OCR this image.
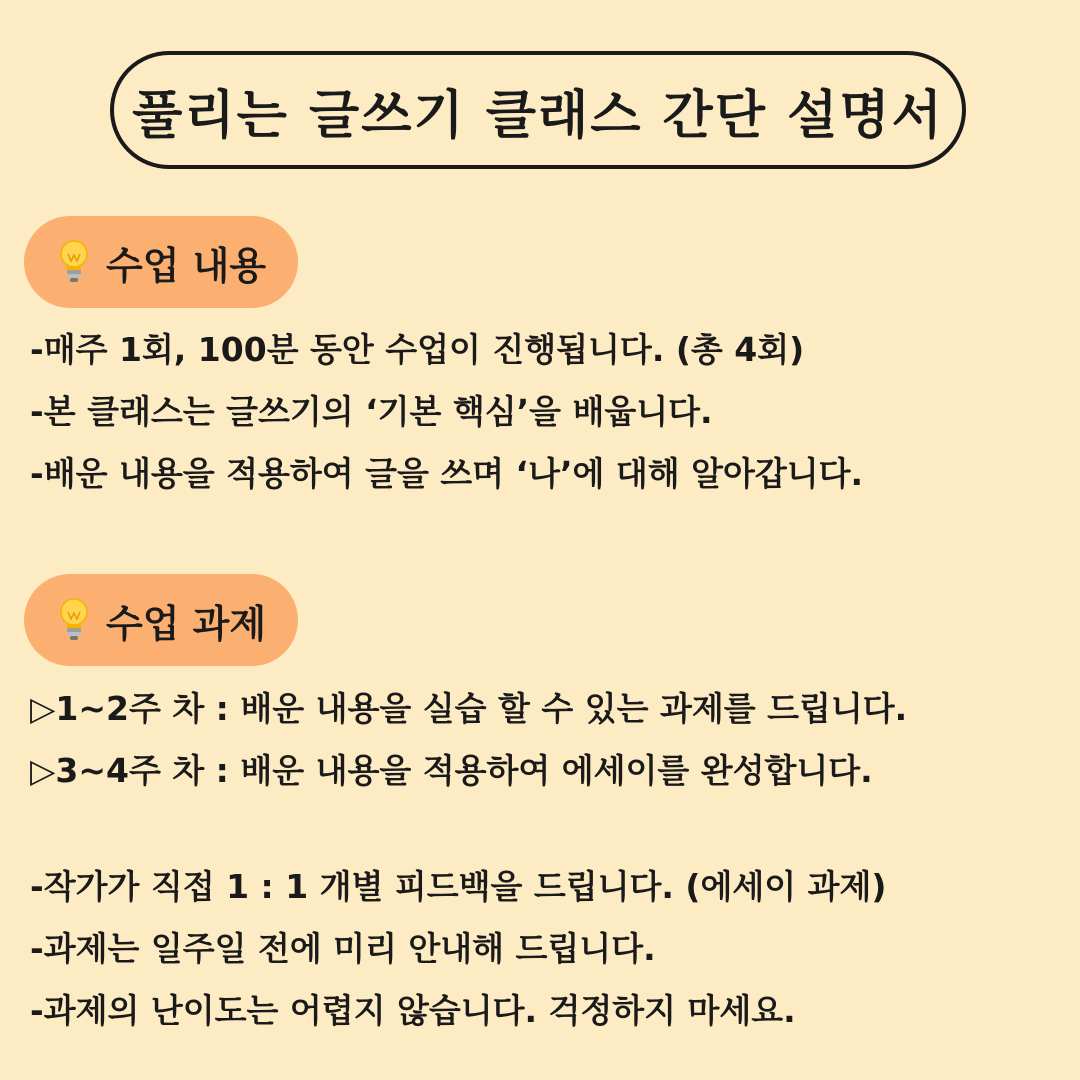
풀리는 글쓰기 클래스 간단 설명서
수업 내용
-매주 1회, 100분 동안 수업이 진행됩니다. (총 4회)
-본 클래스는 글쓰기의 ‘기본 핵심’을 배웁니다.
-배운 내용을 적용하여 글을 쓰며 ‘나’에 대해 알아갑니다.
수업 과제
▷1~2주 차 : 배운 내용을 실습 할 수 있는 과제를 드립니다.
▷3~4주 차 : 배운 내용을 적용하여 에세이를 완성합니다.
-작가가 직접 1 : 1 개별 피드백을 드립니다. (에세이 과제)
-과제는 일주일 전에 미리 안내해 드립니다.
-과제의 난이도는 어렵지 않습니다. 걱정하지 마세요.
